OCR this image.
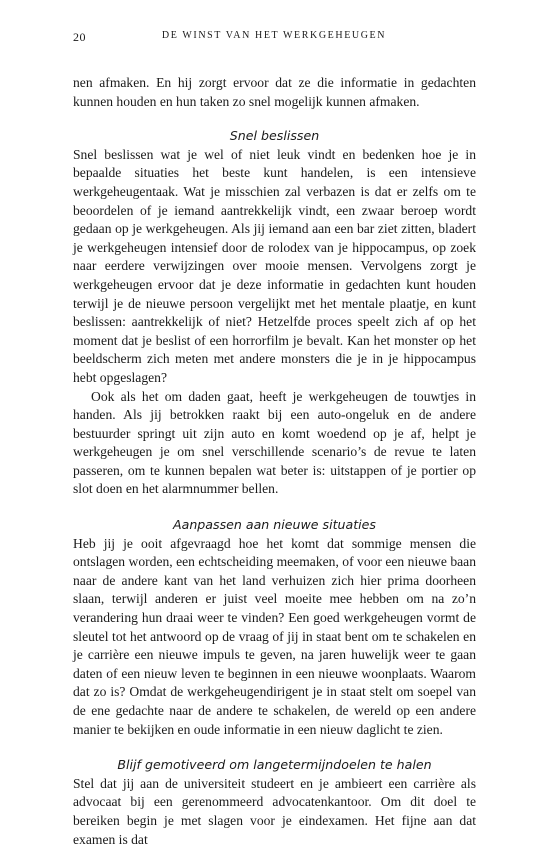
20	DE WINST VAN HET WERKGEHEUGEN

nen afmaken. En hij zorgt ervoor dat ze die informatie in gedachten kunnen houden en hun taken zo snel mogelijk kunnen afmaken.

Snel beslissen

Snel beslissen wat je wel of niet leuk vindt en bedenken hoe je in bepaalde situaties het beste kunt handelen, is een intensieve werkgeheugentaak. Wat je misschien zal verbazen is dat er zelfs om te beoordelen of je iemand aantrekkelijk vindt, een zwaar beroep wordt gedaan op je werkgeheugen. Als jij iemand aan een bar ziet zitten, bladert je werkgeheugen intensief door de rolodex van je hippocampus, op zoek naar eerdere verwijzingen over mooie mensen. Vervolgens zorgt je werkgeheugen ervoor dat je deze informatie in gedachten kunt houden terwijl je de nieuwe persoon vergelijkt met het mentale plaatje, en kunt beslissen: aantrekkelijk of niet? Hetzelfde proces speelt zich af op het moment dat je beslist of een horrorfilm je bevalt. Kan het monster op het beeldscherm zich meten met andere monsters die je in je hippocampus hebt opgeslagen?

Ook als het om daden gaat, heeft je werkgeheugen de touwtjes in handen. Als jij betrokken raakt bij een auto-ongeluk en de andere bestuurder springt uit zijn auto en komt woedend op je af, helpt je werkgeheugen je om snel verschillende scenario’s de revue te laten passeren, om te kunnen bepalen wat beter is: uitstappen of je portier op slot doen en het alarmnummer bellen.

Aanpassen aan nieuwe situaties

Heb jij je ooit afgevraagd hoe het komt dat sommige mensen die ontslagen worden, een echtscheiding meemaken, of voor een nieuwe baan naar de andere kant van het land verhuizen zich hier prima doorheen slaan, terwijl anderen er juist veel moeite mee hebben om na zo’n verandering hun draai weer te vinden? Een goed werkgeheugen vormt de sleutel tot het antwoord op de vraag of jij in staat bent om te schakelen en je carrière een nieuwe impuls te geven, na jaren huwelijk weer te gaan daten of een nieuw leven te beginnen in een nieuwe woonplaats. Waarom dat zo is? Omdat de werkgeheugendirigent je in staat stelt om soepel van de ene gedachte naar de andere te schakelen, de wereld op een andere manier te bekijken en oude informatie in een nieuw daglicht te zien.

Blijf gemotiveerd om langetermijndoelen te halen

Stel dat jij aan de universiteit studeert en je ambieert een carrière als advocaat bij een gerenommeerd advocatenkantoor. Om dit doel te bereiken begin je met slagen voor je eindexamen. Het fijne aan dat examen is dat
